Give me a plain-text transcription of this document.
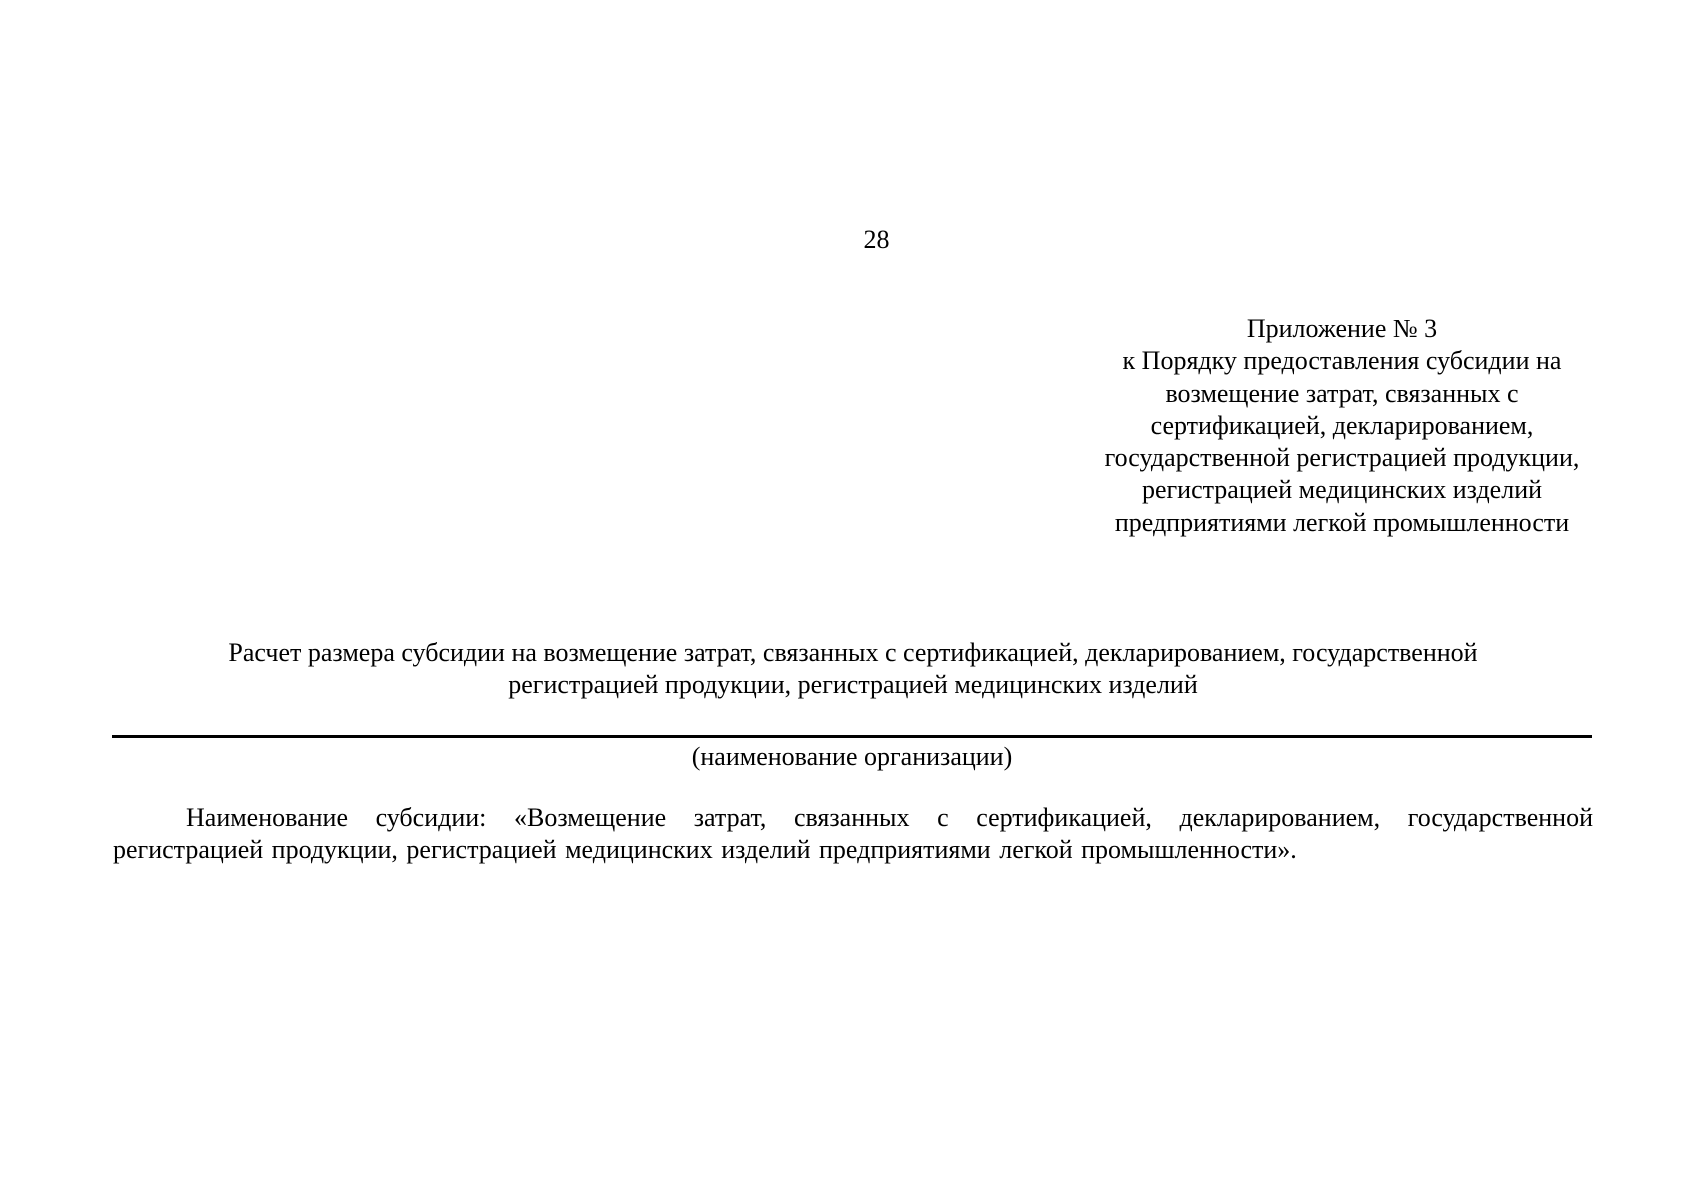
28
Приложение № 3
к Порядку предоставления субсидии на
возмещение затрат, связанных с
сертификацией, декларированием,
государственной регистрацией продукции,
регистрацией медицинских изделий
предприятиями легкой промышленности
Расчет размера субсидии на возмещение затрат, связанных с сертификацией, декларированием, государственной
регистрацией продукции, регистрацией медицинских изделий
(наименование организации)

Наименование субсидии: «Возмещение затрат, связанных с сертификацией, декларированием, государственной регистрацией продукции, регистрацией медицинских изделий предприятиями легкой промышленности».
